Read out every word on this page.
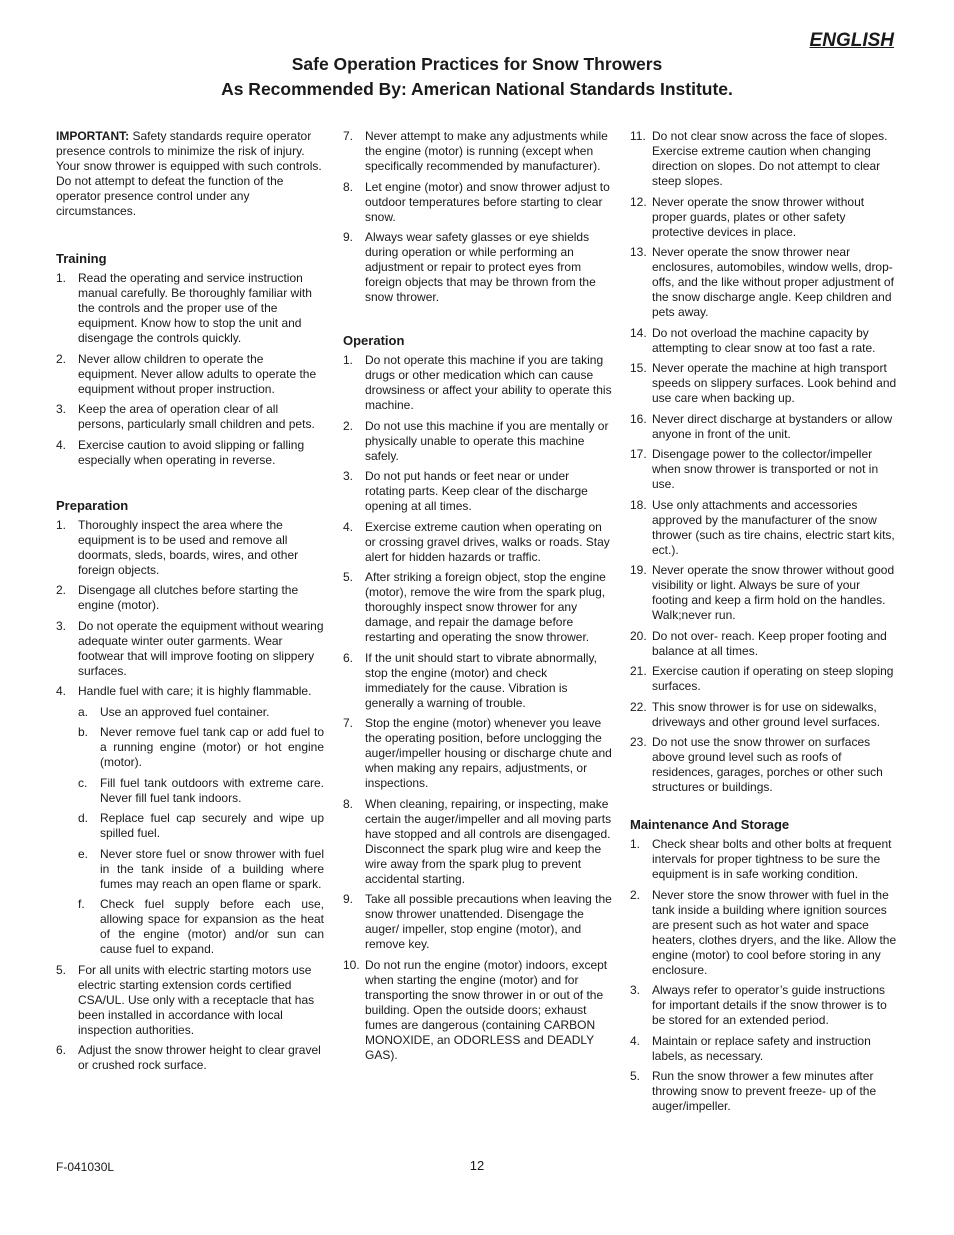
ENGLISH
Safe Operation Practices for Snow Throwers
As Recommended By: American National Standards Institute.

IMPORTANT: Safety standards require operator presence controls to minimize the risk of injury. Your snow thrower is equipped with such controls. Do not attempt to defeat the function of the operator presence control under any circumstances.

Training
1. Read the operating and service instruction manual carefully. Be thoroughly familiar with the controls and the proper use of the equipment. Know how to stop the unit and disengage the controls quickly.
2. Never allow children to operate the equipment. Never allow adults to operate the equipment without proper instruction.
3. Keep the area of operation clear of all persons, particularly small children and pets.
4. Exercise caution to avoid slipping or falling especially when operating in reverse.
Preparation
1. Thoroughly inspect the area where the equipment is to be used and remove all doormats, sleds, boards, wires, and other foreign objects.
2. Disengage all clutches before starting the engine (motor).
3. Do not operate the equipment without wearing adequate winter outer garments. Wear footwear that will improve footing on slippery surfaces.
4. Handle fuel with care; it is highly flammable.
a. Use an approved fuel container.
b. Never remove fuel tank cap or add fuel to a running engine (motor) or hot engine (motor).
c. Fill fuel tank outdoors with extreme care. Never fill fuel tank indoors.
d. Replace fuel cap securely and wipe up spilled fuel.
e. Never store fuel or snow thrower with fuel in the tank inside of a building where fumes may reach an open flame or spark.
f. Check fuel supply before each use, allowing space for expansion as the heat of the engine (motor) and/or sun can cause fuel to expand.
5. For all units with electric starting motors use electric starting extension cords certified CSA/UL. Use only with a receptacle that has been installed in accordance with local inspection authorities.
6. Adjust the snow thrower height to clear gravel or crushed rock surface.
7. Never attempt to make any adjustments while the engine (motor) is running (except when specifically recommended by manufacturer).
8. Let engine (motor) and snow thrower adjust to outdoor temperatures before starting to clear snow.
9. Always wear safety glasses or eye shields during operation or while performing an adjustment or repair to protect eyes from foreign objects that may be thrown from the snow thrower.
Operation
1. Do not operate this machine if you are taking drugs or other medication which can cause drowsiness or affect your ability to operate this machine.
2. Do not use this machine if you are mentally or physically unable to operate this machine safely.
3. Do not put hands or feet near or under rotating parts. Keep clear of the discharge opening at all times.
4. Exercise extreme caution when operating on or crossing gravel drives, walks or roads. Stay alert for hidden hazards or traffic.
5. After striking a foreign object, stop the engine (motor), remove the wire from the spark plug, thoroughly inspect snow thrower for any damage, and repair the damage before restarting and operating the snow thrower.
6. If the unit should start to vibrate abnormally, stop the engine (motor) and check immediately for the cause. Vibration is generally a warning of trouble.
7. Stop the engine (motor) whenever you leave the operating position, before unclogging the auger/impeller housing or discharge chute and when making any repairs, adjustments, or inspections.
8. When cleaning, repairing, or inspecting, make certain the auger/impeller and all moving parts have stopped and all controls are disengaged. Disconnect the spark plug wire and keep the wire away from the spark plug to prevent accidental starting.
9. Take all possible precautions when leaving the snow thrower unattended. Disengage the auger/ impeller, stop engine (motor), and remove key.
10. Do not run the engine (motor) indoors, except when starting the engine (motor) and for transporting the snow thrower in or out of the building. Open the outside doors; exhaust fumes are dangerous (containing CARBON MONOXIDE, an ODORLESS and DEADLY GAS).
11. Do not clear snow across the face of slopes. Exercise extreme caution when changing direction on slopes. Do not attempt to clear steep slopes.
12. Never operate the snow thrower without proper guards, plates or other safety protective devices in place.
13. Never operate the snow thrower near enclosures, automobiles, window wells, drop- offs, and the like without proper adjustment of the snow discharge angle. Keep children and pets away.
14. Do not overload the machine capacity by attempting to clear snow at too fast a rate.
15. Never operate the machine at high transport speeds on slippery surfaces. Look behind and use care when backing up.
16. Never direct discharge at bystanders or allow anyone in front of the unit.
17. Disengage power to the collector/impeller when snow thrower is transported or not in use.
18. Use only attachments and accessories approved by the manufacturer of the snow thrower (such as tire chains, electric start kits, ect.).
19. Never operate the snow thrower without good visibility or light. Always be sure of your footing and keep a firm hold on the handles. Walk;never run.
20. Do not over- reach. Keep proper footing and balance at all times.
21. Exercise caution if operating on steep sloping surfaces.
22. This snow thrower is for use on sidewalks, driveways and other ground level surfaces.
23. Do not use the snow thrower on surfaces above ground level such as roofs of residences, garages, porches or other such structures or buildings.
Maintenance And Storage
1. Check shear bolts and other bolts at frequent intervals for proper tightness to be sure the equipment is in safe working condition.
2. Never store the snow thrower with fuel in the tank inside a building where ignition sources are present such as hot water and space heaters, clothes dryers, and the like. Allow the engine (motor) to cool before storing in any enclosure.
3. Always refer to operator’s guide instructions for important details if the snow thrower is to be stored for an extended period.
4. Maintain or replace safety and instruction labels, as necessary.
5. Run the snow thrower a few minutes after throwing snow to prevent freeze- up of the auger/impeller.
F-041030L	12
